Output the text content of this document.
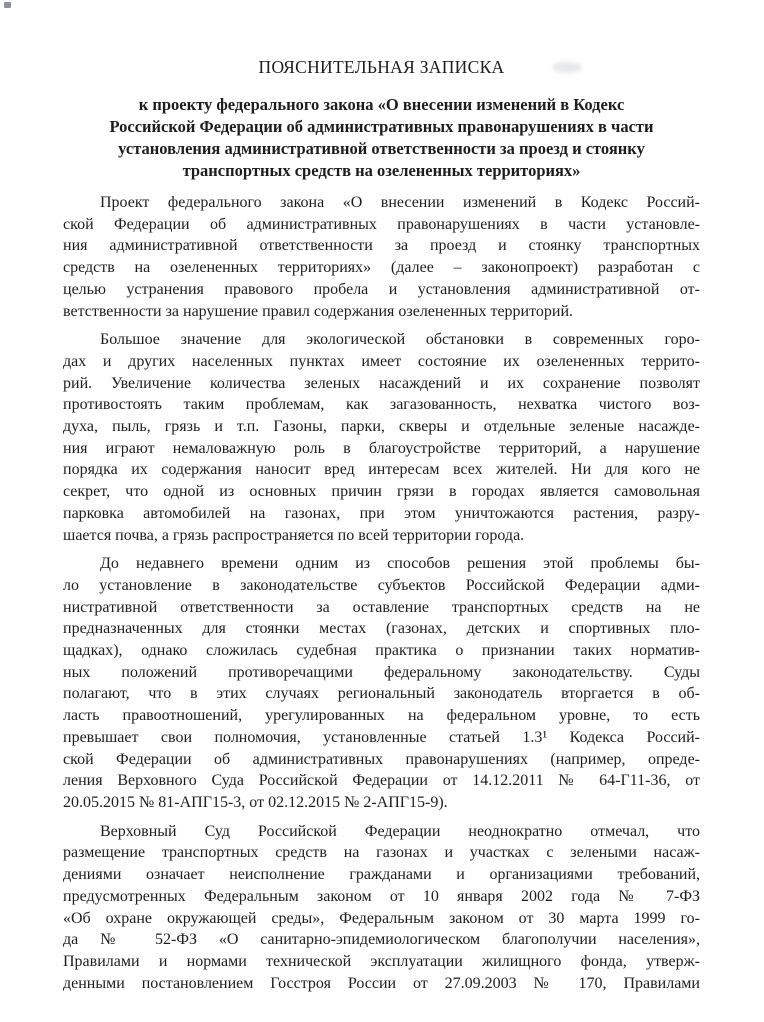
ПОЯСНИТЕЛЬНАЯ ЗАПИСКА
к проекту федерального закона «О внесении изменений в Кодекс
Российской Федерации об административных правонарушениях в части
установления административной ответственности за проезд и стоянку
транспортных средств на озелененных территориях»
Проект федерального закона «О внесении изменений в Кодекс Россий-
ской Федерации об административных правонарушениях в части установле-
ния административной ответственности за проезд и стоянку транспортных
средств на озелененных территориях» (далее – законопроект) разработан с
целью устранения правового пробела и установления административной от-
ветственности за нарушение правил содержания озелененных территорий.
Большое значение для экологической обстановки в современных горо-
дах и других населенных пунктах имеет состояние их озелененных террито-
рий. Увеличение количества зеленых насаждений и их сохранение позволят
противостоять таким проблемам, как загазованность, нехватка чистого воз-
духа, пыль, грязь и т.п. Газоны, парки, скверы и отдельные зеленые насажде-
ния играют немаловажную роль в благоустройстве территорий, а нарушение
порядка их содержания наносит вред интересам всех жителей. Ни для кого не
секрет, что одной из основных причин грязи в городах является самовольная
парковка автомобилей на газонах, при этом уничтожаются растения, разру-
шается почва, а грязь распространяется по всей территории города.
До недавнего времени одним из способов решения этой проблемы бы-
ло установление в законодательстве субъектов Российской Федерации адми-
нистративной ответственности за оставление транспортных средств на не
предназначенных для стоянки местах (газонах, детских и спортивных пло-
щадках), однако сложилась судебная практика о признании таких норматив-
ных положений противоречащими федеральному законодательству. Суды
полагают, что в этих случаях региональный законодатель вторгается в об-
ласть правоотношений, урегулированных на федеральном уровне, то есть
превышает свои полномочия, установленные статьей 1.3¹ Кодекса Россий-
ской Федерации об административных правонарушениях (например, опреде-
ления Верховного Суда Российской Федерации от 14.12.2011 № 64-Г11-36, от
20.05.2015 № 81-АПГ15-3, от 02.12.2015 № 2-АПГ15-9).
Верховный Суд Российской Федерации неоднократно отмечал, что
размещение транспортных средств на газонах и участках с зелеными насаж-
дениями означает неисполнение гражданами и организациями требований,
предусмотренных Федеральным законом от 10 января 2002 года № 7-ФЗ
«Об охране окружающей среды», Федеральным законом от 30 марта 1999 го-
да № 52-ФЗ «О санитарно-эпидемиологическом благополучии населения»,
Правилами и нормами технической эксплуатации жилищного фонда, утверж-
денными постановлением Госстроя России от 27.09.2003 № 170, Правилами
